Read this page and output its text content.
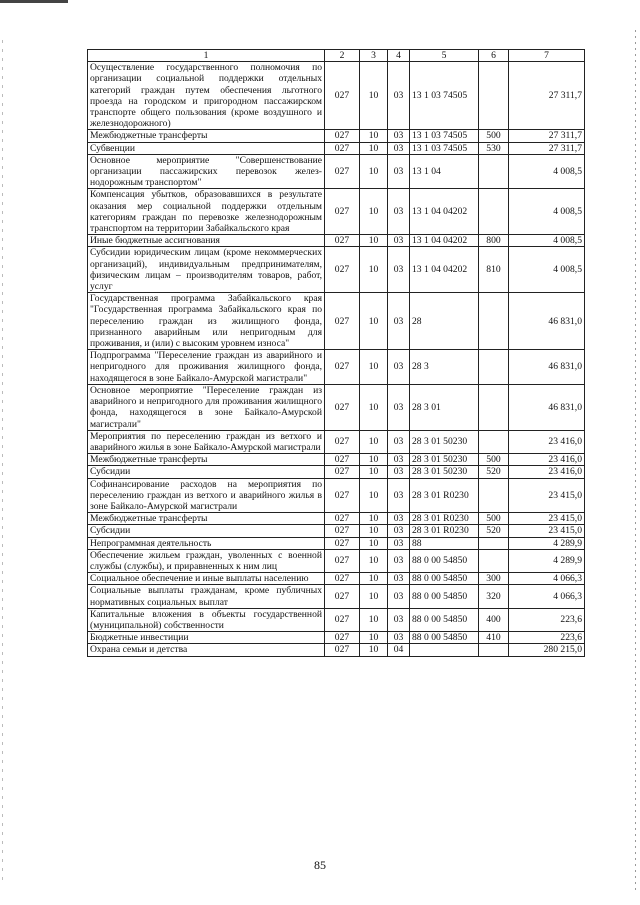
1	2	3	4	5	6	7
Осуществление государственного полномочия по организации социальной поддержки отдельных категорий граждан путем обеспечения льготного проезда на городском и пригородном пассажирском транспорте общего пользования (кроме воздушного и железнодорожного)	027	10	03	13 1 03 74505		27 311,7
Межбюджетные трансферты	027	10	03	13 1 03 74505	500	27 311,7
Субвенции	027	10	03	13 1 03 74505	530	27 311,7
Основное мероприятие "Совершенствование организации пассажирских перевозок железнодорожным транспортом"	027	10	03	13 1 04		4 008,5
Компенсация убытков, образовавшихся в результате оказания мер социальной поддержки отдельным категориям граждан по перевозке железнодорожным транспортом на территории Забайкальского края	027	10	03	13 1 04 04202		4 008,5
Иные бюджетные ассигнования	027	10	03	13 1 04 04202	800	4 008,5
Субсидии юридическим лицам (кроме некоммерческих организаций), индивидуальным предпринимателям, физическим лицам – производителям товаров, работ, услуг	027	10	03	13 1 04 04202	810	4 008,5
Государственная программа Забайкальского края "Государственная программа Забайкальского края по переселению граждан из жилищного фонда, признанного аварийным или непригодным для проживания, и (или) с высоким уровнем износа"	027	10	03	28		46 831,0
Подпрограмма "Переселение граждан из аварийного и непригодного для проживания жилищного фонда, находящегося в зоне Байкало-Амурской магистрали"	027	10	03	28 3		46 831,0
Основное мероприятие "Переселение граждан из аварийного и непригодного для проживания жилищного фонда, находящегося в зоне Байкало-Амурской магистрали"	027	10	03	28 3 01		46 831,0
Мероприятия по переселению граждан из ветхого и аварийного жилья в зоне Байкало-Амурской магистрали	027	10	03	28 3 01 50230		23 416,0
Межбюджетные трансферты	027	10	03	28 3 01 50230	500	23 416,0
Субсидии	027	10	03	28 3 01 50230	520	23 416,0
Софинансирование расходов на мероприятия по переселению граждан из ветхого и аварийного жилья в зоне Байкало-Амурской магистрали	027	10	03	28 3 01 R0230		23 415,0
Межбюджетные трансферты	027	10	03	28 3 01 R0230	500	23 415,0
Субсидии	027	10	03	28 3 01 R0230	520	23 415,0
Непрограммная деятельность	027	10	03	88		4 289,9
Обеспечение жильем граждан, уволенных с военной службы (службы), и приравненных к ним лиц	027	10	03	88 0 00 54850		4 289,9
Социальное обеспечение и иные выплаты населению	027	10	03	88 0 00 54850	300	4 066,3
Социальные выплаты гражданам, кроме публичных нормативных социальных выплат	027	10	03	88 0 00 54850	320	4 066,3
Капитальные вложения в объекты государственной (муниципальной) собственности	027	10	03	88 0 00 54850	400	223,6
Бюджетные инвестиции	027	10	03	88 0 00 54850	410	223,6
Охрана семьи и детства	027	10	04			280 215,0
85
